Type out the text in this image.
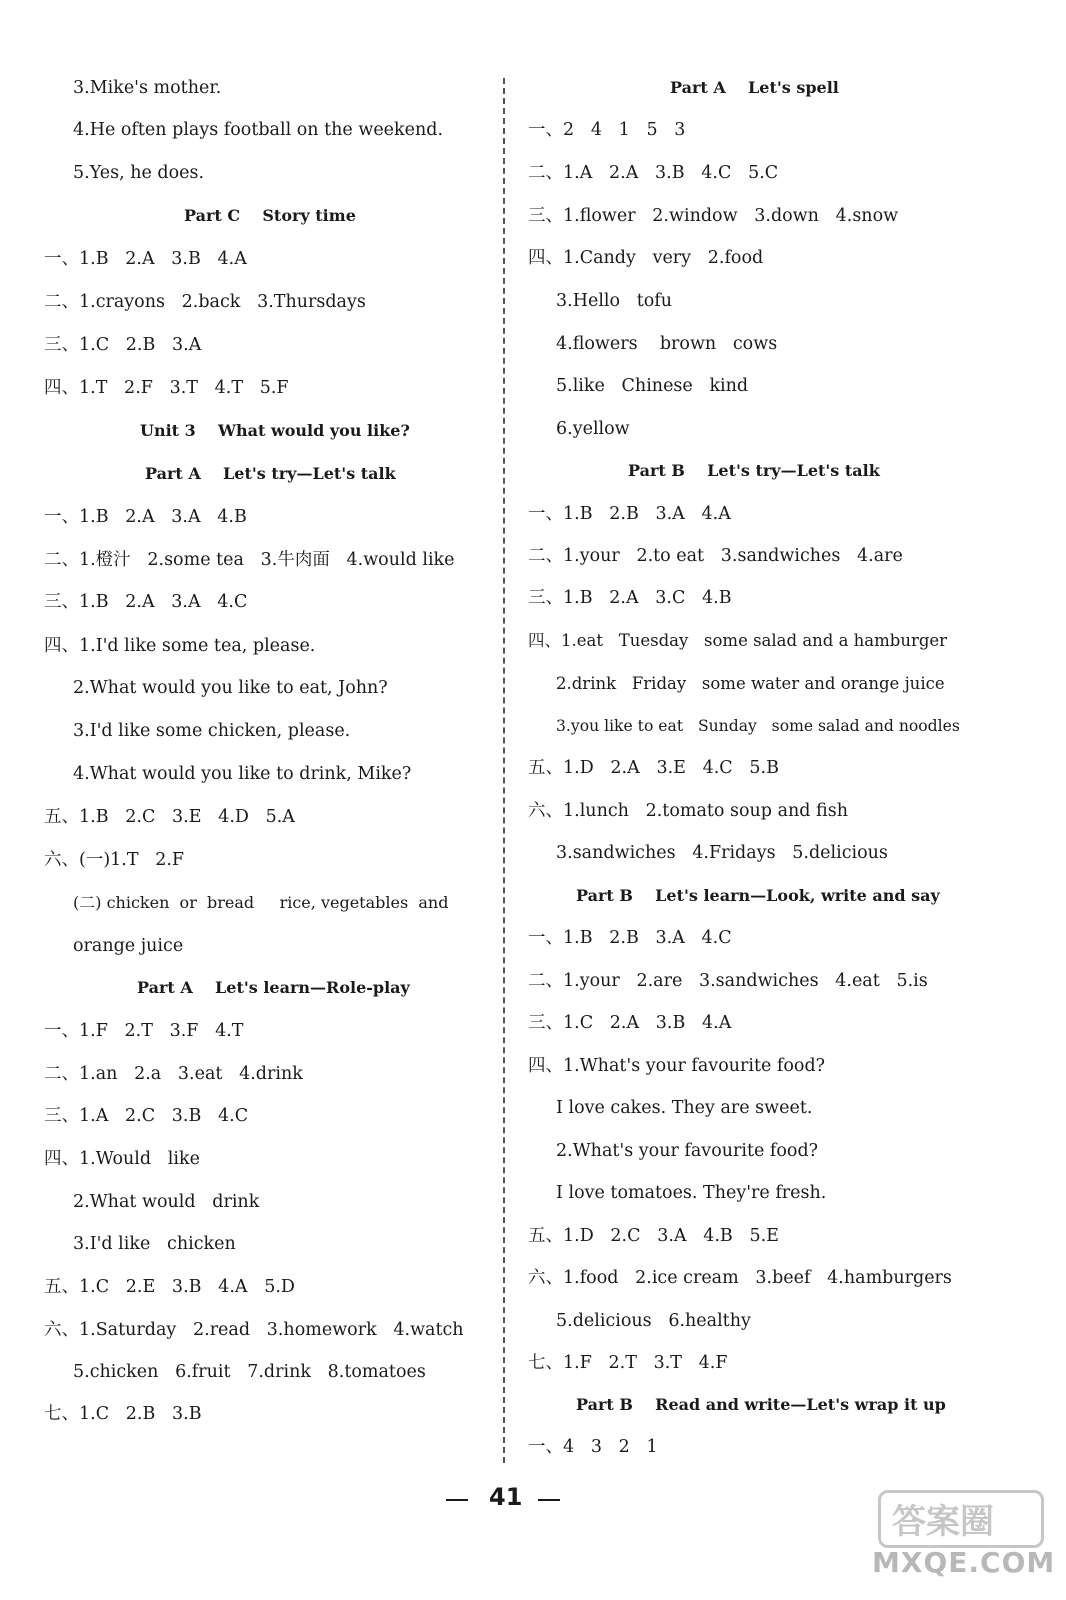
3.Mike's mother.
4.He often plays football on the weekend.
5.Yes, he does.
Part C    Story time
一、1.B   2.A   3.B   4.A
二、1.crayons   2.back   3.Thursdays
三、1.C   2.B   3.A
四、1.T   2.F   3.T   4.T   5.F
Unit 3    What would you like?
Part A    Let's try—Let's talk
一、1.B   2.A   3.A   4.B
二、1.橙汁   2.some tea   3.牛肉面   4.would like
三、1.B   2.A   3.A   4.C
四、1.I'd like some tea, please.
2.What would you like to eat, John?
3.I'd like some chicken, please.
4.What would you like to drink, Mike?
五、1.B   2.C   3.E   4.D   5.A
六、(一)1.T   2.F
(二) chicken  or  bread     rice, vegetables  and
orange juice
Part A    Let's learn—Role-play
一、1.F   2.T   3.F   4.T
二、1.an   2.a   3.eat   4.drink
三、1.A   2.C   3.B   4.C
四、1.Would   like
2.What would   drink
3.I'd like   chicken
五、1.C   2.E   3.B   4.A   5.D
六、1.Saturday   2.read   3.homework   4.watch
5.chicken   6.fruit   7.drink   8.tomatoes
七、1.C   2.B   3.B
Part A    Let's spell
一、2   4   1   5   3
二、1.A   2.A   3.B   4.C   5.C
三、1.flower   2.window   3.down   4.snow
四、1.Candy   very   2.food
3.Hello   tofu
4.flowers    brown   cows
5.like   Chinese   kind
6.yellow
Part B    Let's try—Let's talk
一、1.B   2.B   3.A   4.A
二、1.your   2.to eat   3.sandwiches   4.are
三、1.B   2.A   3.C   4.B
四、1.eat   Tuesday   some salad and a hamburger
2.drink   Friday   some water and orange juice
3.you like to eat   Sunday   some salad and noodles
五、1.D   2.A   3.E   4.C   5.B
六、1.lunch   2.tomato soup and fish
3.sandwiches   4.Fridays   5.delicious
Part B    Let's learn—Look, write and say
一、1.B   2.B   3.A   4.C
二、1.your   2.are   3.sandwiches   4.eat   5.is
三、1.C   2.A   3.B   4.A
四、1.What's your favourite food?
I love cakes. They are sweet.
2.What's your favourite food?
I love tomatoes. They're fresh.
五、1.D   2.C   3.A   4.B   5.E
六、1.food   2.ice cream   3.beef   4.hamburgers
5.delicious   6.healthy
七、1.F   2.T   3.T   4.F
Part B    Read and write—Let's wrap it up
一、4   3   2   1
41
答案圈
MXQE.COM
